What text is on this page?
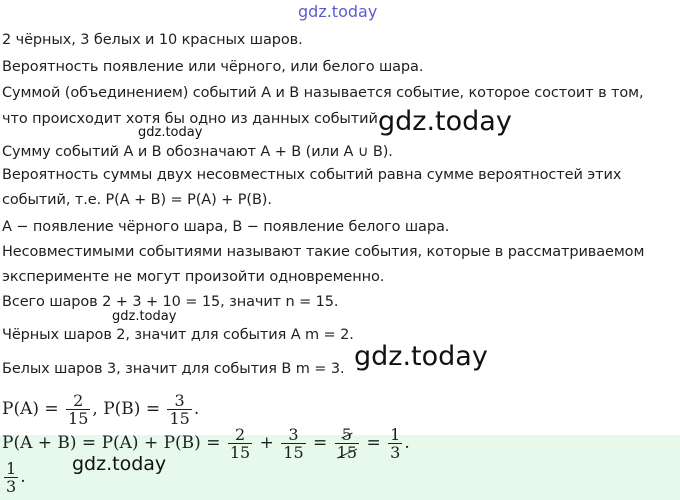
gdz.today
2 чёрных, 3 белых и 10 красных шаров.
Вероятность появление или чёрного, или белого шара.
Суммой (объединением) событий A и B называется событие, которое состоит в том,
что происходит хотя бы одно из данных событий.
Сумму событий A и B обозначают A + B (или A ∪ B).
Вероятность суммы двух несовместных событий равна сумме вероятностей этих
событий, т.е. P(A + B) = P(A) + P(B).
A − появление чёрного шара, B − появление белого шара.
Несовместимыми событиями называют такие события, которые в рассматриваемом
эксперименте не могут произойти одновременно.
Всего шаров 2 + 3 + 10 = 15, значит n = 15.
Чёрных шаров 2, значит для события A m = 2.
Белых шаров 3, значит для события B m = 3.
gdz.today	gdz.today
gdz.today
gdz.today
$P(A) = \frac{2}{15}$ , $P(B) = \frac{3}{15}$ .
$P(A + B) = P(A) + P(B) = \frac{2}{15} + \frac{3}{15} = \frac{5}{15} = \frac{1}{3}$ .
$\frac{1}{3}$ .
gdz.today
